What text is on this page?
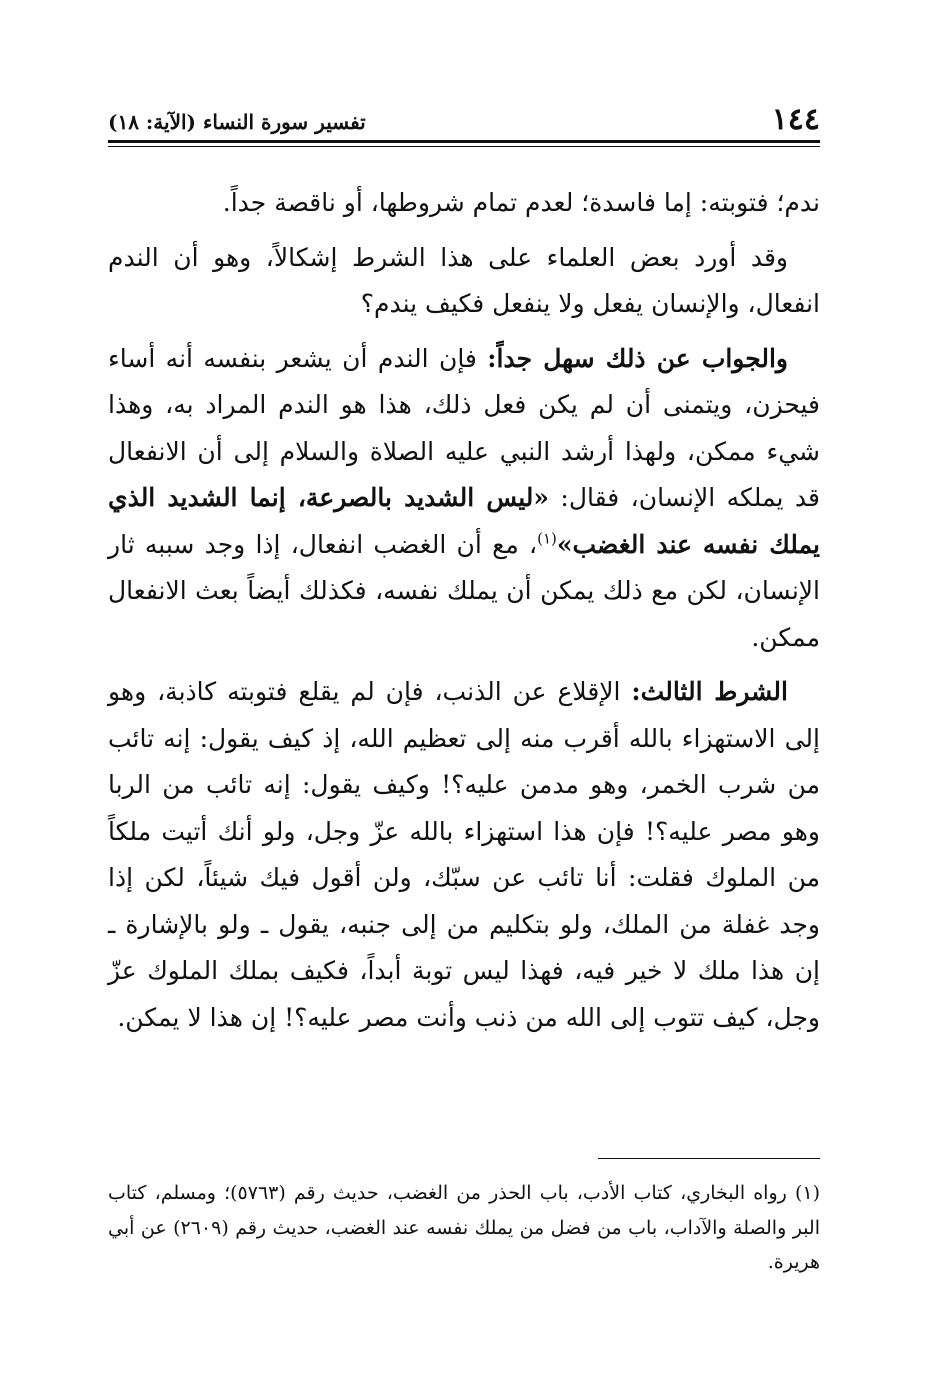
١٤٤
تفسير سورة النساء (الآية: ١٨)

ندم؛ فتوبته: إما فاسدة؛ لعدم تمام شروطها، أو ناقصة جداً.

وقد أورد بعض العلماء على هذا الشرط إشكالاً، وهو أن الندم انفعال، والإنسان يفعل ولا ينفعل فكيف يندم؟

والجواب عن ذلك سهل جداً: فإن الندم أن يشعر بنفسه أنه أساء فيحزن، ويتمنى أن لم يكن فعل ذلك، هذا هو الندم المراد به، وهذا شيء ممكن، ولهذا أرشد النبي عليه الصلاة والسلام إلى أن الانفعال قد يملكه الإنسان، فقال: «ليس الشديد بالصرعة، إنما الشديد الذي يملك نفسه عند الغضب»$^{(١)}$، مع أن الغضب انفعال، إذا وجد سببه ثار الإنسان، لكن مع ذلك يمكن أن يملك نفسه، فكذلك أيضاً بعث الانفعال ممكن.

الشرط الثالث: الإقلاع عن الذنب، فإن لم يقلع فتوبته كاذبة، وهو إلى الاستهزاء بالله أقرب منه إلى تعظيم الله، إذ كيف يقول: إنه تائب من شرب الخمر، وهو مدمن عليه؟! وكيف يقول: إنه تائب من الربا وهو مصر عليه؟! فإن هذا استهزاء بالله عزّ وجل، ولو أنك أتيت ملكاً من الملوك فقلت: أنا تائب عن سبّك، ولن أقول فيك شيئاً، لكن إذا وجد غفلة من الملك، ولو بتكليم من إلى جنبه، يقول ـ ولو بالإشارة ـ إن هذا ملك لا خير فيه، فهذا ليس توبة أبداً، فكيف بملك الملوك عزّ وجل، كيف تتوب إلى الله من ذنب وأنت مصر عليه؟! إن هذا لا يمكن.

(١) رواه البخاري، كتاب الأدب، باب الحذر من الغضب، حديث رقم (٥٧٦٣)؛ ومسلم، كتاب البر والصلة والآداب، باب من فضل من يملك نفسه عند الغضب، حديث رقم (٢٦٠٩) عن أبي هريرة.
